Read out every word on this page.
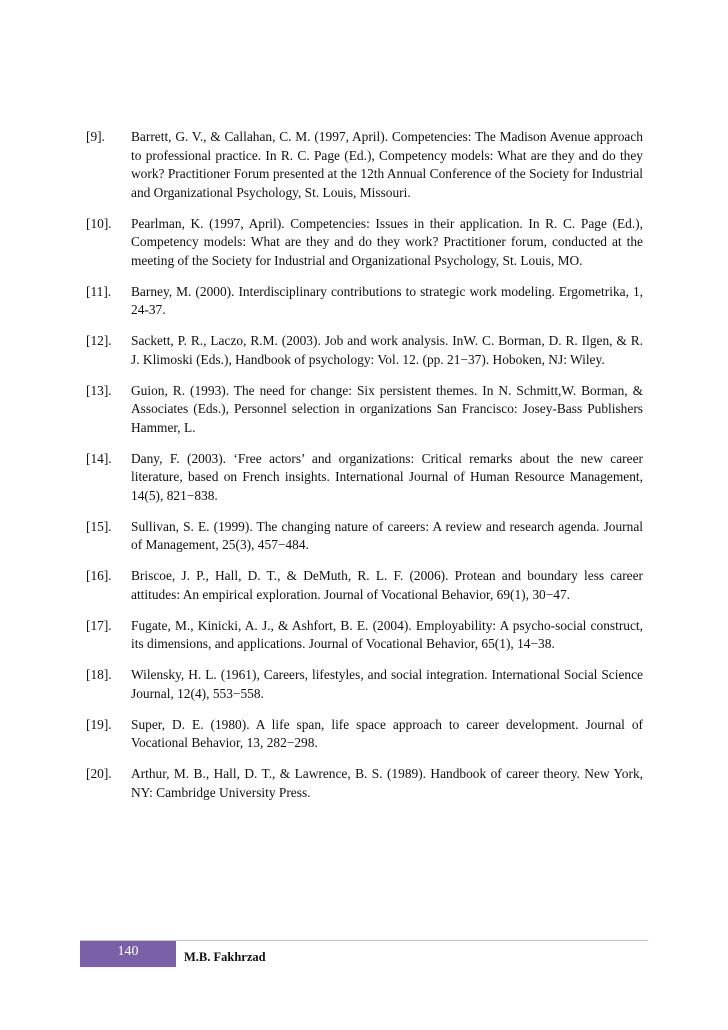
[9]. Barrett, G. V., & Callahan, C. M. (1997, April). Competencies: The Madison Avenue approach to professional practice. In R. C. Page (Ed.), Competency models: What are they and do they work? Practitioner Forum presented at the 12th Annual Conference of the Society for Industrial and Organizational Psychology, St. Louis, Missouri.
[10]. Pearlman, K. (1997, April). Competencies: Issues in their application. In R. C. Page (Ed.), Competency models: What are they and do they work? Practitioner forum, conducted at the meeting of the Society for Industrial and Organizational Psychology, St. Louis, MO.
[11]. Barney, M. (2000). Interdisciplinary contributions to strategic work modeling. Ergometrika, 1, 24-37.
[12]. Sackett, P. R., Laczo, R.M. (2003). Job and work analysis. InW. C. Borman, D. R. Ilgen, & R. J. Klimoski (Eds.), Handbook of psychology: Vol. 12. (pp. 21−37). Hoboken, NJ: Wiley.
[13]. Guion, R. (1993). The need for change: Six persistent themes. In N. Schmitt,W. Borman, & Associates (Eds.), Personnel selection in organizations San Francisco: Josey-Bass Publishers Hammer, L.
[14]. Dany, F. (2003). ‘Free actors’ and organizations: Critical remarks about the new career literature, based on French insights. International Journal of Human Resource Management, 14(5), 821−838.
[15]. Sullivan, S. E. (1999). The changing nature of careers: A review and research agenda. Journal of Management, 25(3), 457−484.
[16]. Briscoe, J. P., Hall, D. T., & DeMuth, R. L. F. (2006). Protean and boundary less career attitudes: An empirical exploration. Journal of Vocational Behavior, 69(1), 30−47.
[17]. Fugate, M., Kinicki, A. J., & Ashfort, B. E. (2004). Employability: A psycho-social construct, its dimensions, and applications. Journal of Vocational Behavior, 65(1), 14−38.
[18]. Wilensky, H. L. (1961), Careers, lifestyles, and social integration. International Social Science Journal, 12(4), 553−558.
[19]. Super, D. E. (1980). A life span, life space approach to career development. Journal of Vocational Behavior, 13, 282−298.
[20]. Arthur, M. B., Hall, D. T., & Lawrence, B. S. (1989). Handbook of career theory. New York, NY: Cambridge University Press.
140	M.B. Fakhrzad
